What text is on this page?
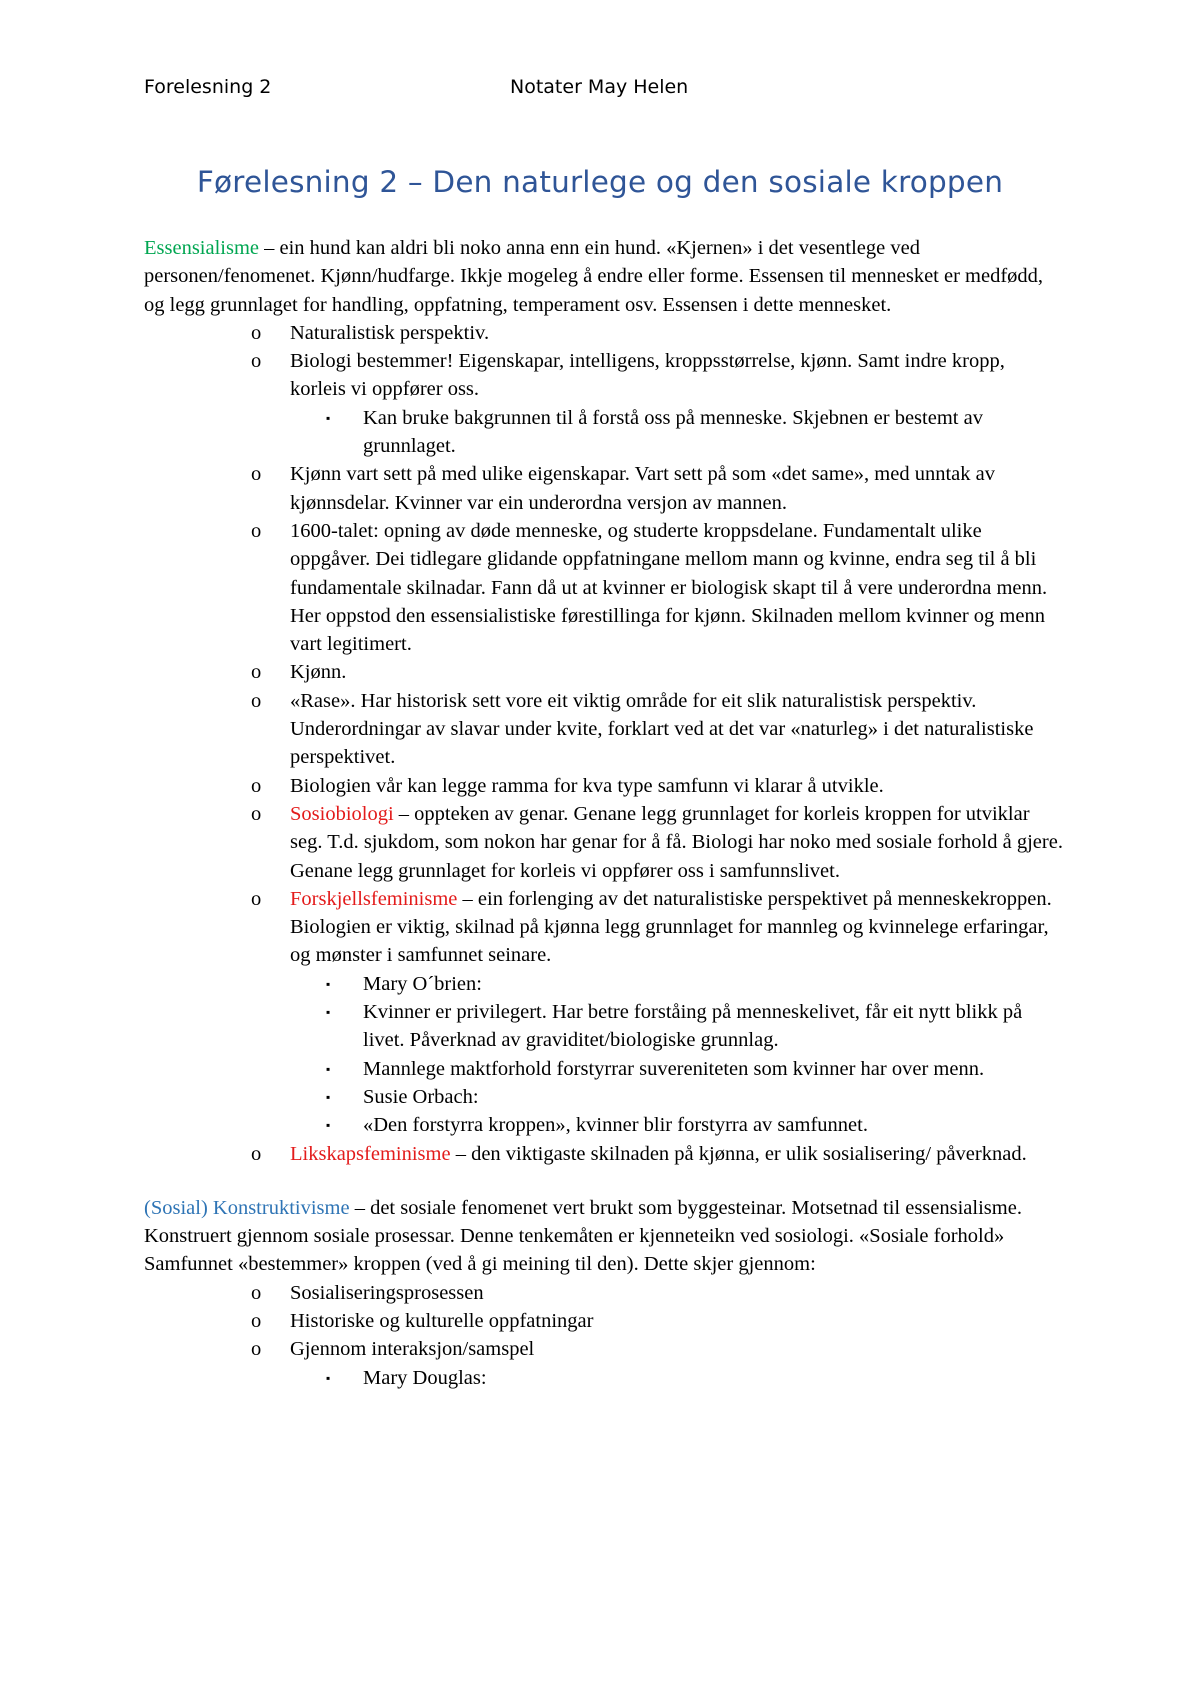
Forelesning 2	Notater May Helen
Førelesning 2 – Den naturlege og den sosiale kroppen

Essensialisme – ein hund kan aldri bli noko anna enn ein hund. «Kjernen» i det vesentlege ved personen/fenomenet. Kjønn/hudfarge. Ikkje mogeleg å endre eller forme. Essensen til mennesket er medfødd, og legg grunnlaget for handling, oppfatning, temperament osv. Essensen i dette mennesket.

o	Naturalistisk perspektiv.
o	Biologi bestemmer! Eigenskapar, intelligens, kroppsstørrelse, kjønn. Samt indre kropp, korleis vi oppfører oss.
▪	Kan bruke bakgrunnen til å forstå oss på menneske. Skjebnen er bestemt av grunnlaget.
o	Kjønn vart sett på med ulike eigenskapar. Vart sett på som «det same», med unntak av kjønnsdelar. Kvinner var ein underordna versjon av mannen.
o	1600-talet: opning av døde menneske, og studerte kroppsdelane. Fundamentalt ulike oppgåver. Dei tidlegare glidande oppfatningane mellom mann og kvinne, endra seg til å bli fundamentale skilnadar. Fann då ut at kvinner er biologisk skapt til å vere underordna menn. Her oppstod den essensialistiske førestillinga for kjønn. Skilnaden mellom kvinner og menn vart legitimert.
o	Kjønn.
o	«Rase». Har historisk sett vore eit viktig område for eit slik naturalistisk perspektiv. Underordningar av slavar under kvite, forklart ved at det var «naturleg» i det naturalistiske perspektivet.
o	Biologien vår kan legge ramma for kva type samfunn vi klarar å utvikle.
o	Sosiobiologi – oppteken av genar. Genane legg grunnlaget for korleis kroppen for utviklar seg. T.d. sjukdom, som nokon har genar for å få. Biologi har noko med sosiale forhold å gjere. Genane legg grunnlaget for korleis vi oppfører oss i samfunnslivet.
o	Forskjellsfeminisme – ein forlenging av det naturalistiske perspektivet på menneskekroppen. Biologien er viktig, skilnad på kjønna legg grunnlaget for mannleg og kvinnelege erfaringar, og mønster i samfunnet seinare.
▪	Mary O´brien:
▪	Kvinner er privilegert. Har betre forståing på menneskelivet, får eit nytt blikk på livet. Påverknad av graviditet/biologiske grunnlag.
▪	Mannlege maktforhold forstyrrar suvereniteten som kvinner har over menn.
▪	Susie Orbach:
▪	«Den forstyrra kroppen», kvinner blir forstyrra av samfunnet.
o	Likskapsfeminisme – den viktigaste skilnaden på kjønna, er ulik sosialisering/ påverknad.

(Sosial) Konstruktivisme – det sosiale fenomenet vert brukt som byggesteinar. Motsetnad til essensialisme. Konstruert gjennom sosiale prosessar. Denne tenkemåten er kjenneteikn ved sosiologi. «Sosiale forhold»

Samfunnet «bestemmer» kroppen (ved å gi meining til den). Dette skjer gjennom:

o	Sosialiseringsprosessen
o	Historiske og kulturelle oppfatningar
o	Gjennom interaksjon/samspel
▪	Mary Douglas:
